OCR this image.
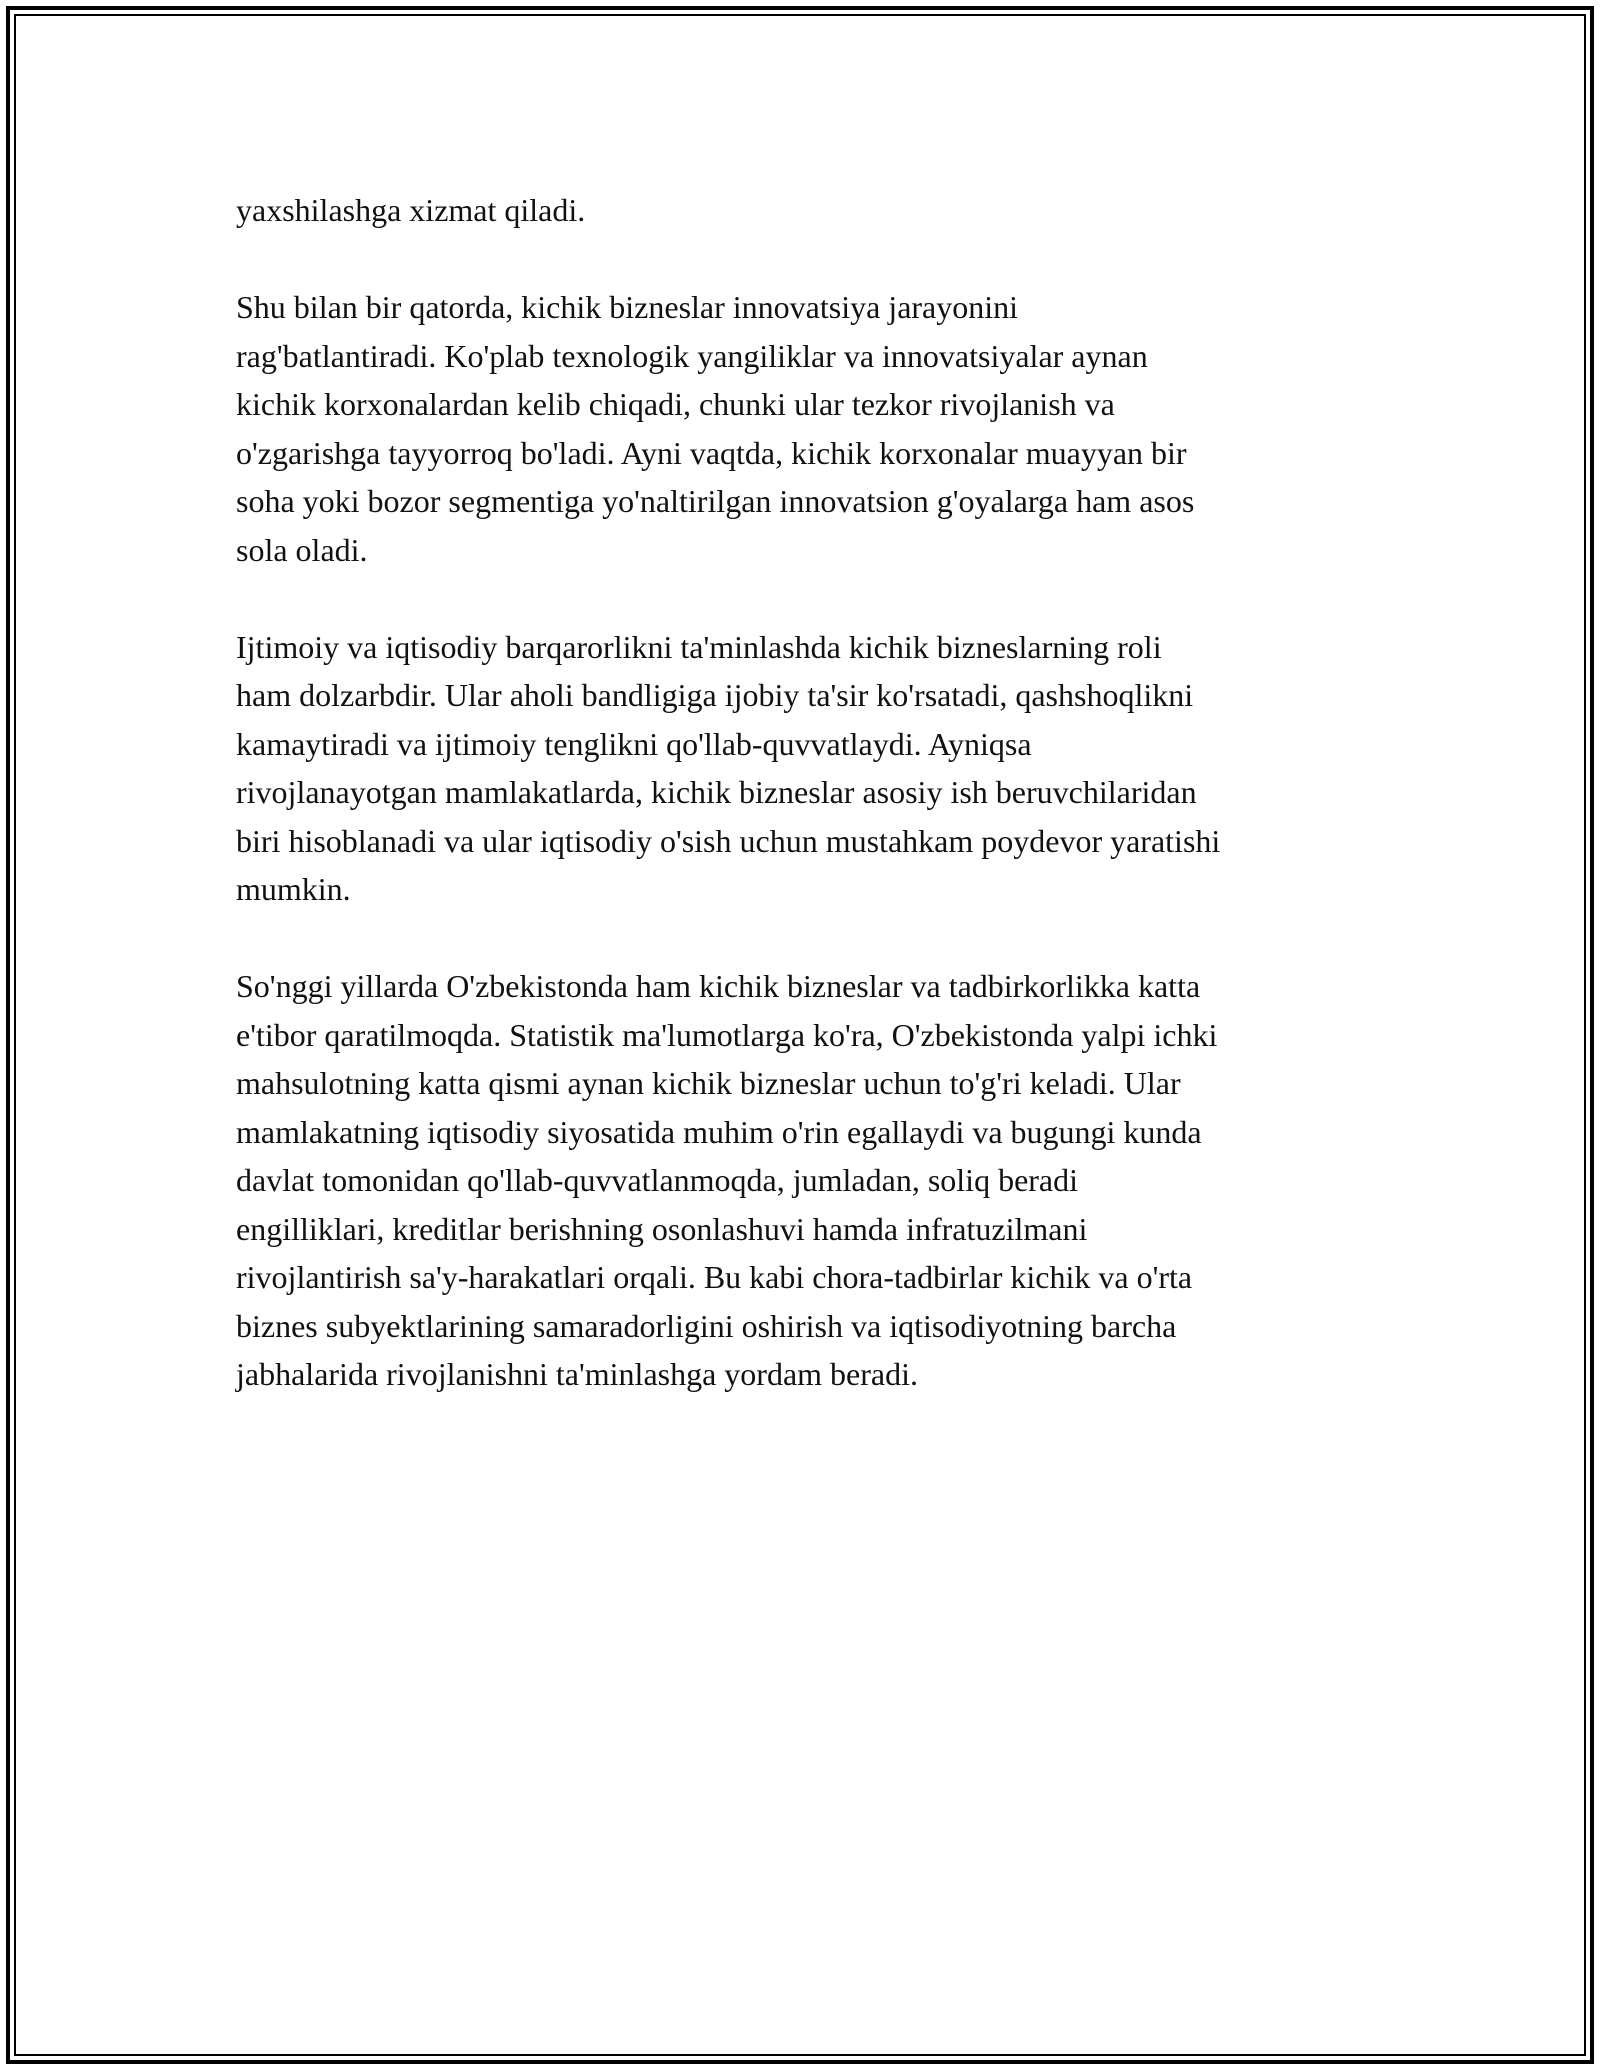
yaxshilashga xizmat qiladi.
Shu bilan bir qatorda, kichik bizneslar innovatsiya jarayonini
rag'batlantiradi. Ko'plab texnologik yangiliklar va innovatsiyalar aynan
kichik korxonalardan kelib chiqadi, chunki ular tezkor rivojlanish va
o'zgarishga tayyorroq bo'ladi. Ayni vaqtda, kichik korxonalar muayyan bir
soha yoki bozor segmentiga yo'naltirilgan innovatsion g'oyalarga ham asos
sola oladi.
Ijtimoiy va iqtisodiy barqarorlikni ta'minlashda kichik bizneslarning roli
ham dolzarbdir. Ular aholi bandligiga ijobiy ta'sir ko'rsatadi, qashshoqlikni
kamaytiradi va ijtimoiy tenglikni qo'llab-quvvatlaydi. Ayniqsa
rivojlanayotgan mamlakatlarda, kichik bizneslar asosiy ish beruvchilaridan
biri hisoblanadi va ular iqtisodiy o'sish uchun mustahkam poydevor yaratishi
mumkin.
So'nggi yillarda O'zbekistonda ham kichik bizneslar va tadbirkorlikka katta
e'tibor qaratilmoqda. Statistik ma'lumotlarga ko'ra, O'zbekistonda yalpi ichki
mahsulotning katta qismi aynan kichik bizneslar uchun to'g'ri keladi. Ular
mamlakatning iqtisodiy siyosatida muhim o'rin egallaydi va bugungi kunda
davlat tomonidan qo'llab-quvvatlanmoqda, jumladan, soliq beradi
engilliklari, kreditlar berishning osonlashuvi hamda infratuzilmani
rivojlantirish sa'y-harakatlari orqali. Bu kabi chora-tadbirlar kichik va o'rta
biznes subyektlarining samaradorligini oshirish va iqtisodiyotning barcha
jabhalarida rivojlanishni ta'minlashga yordam beradi.
